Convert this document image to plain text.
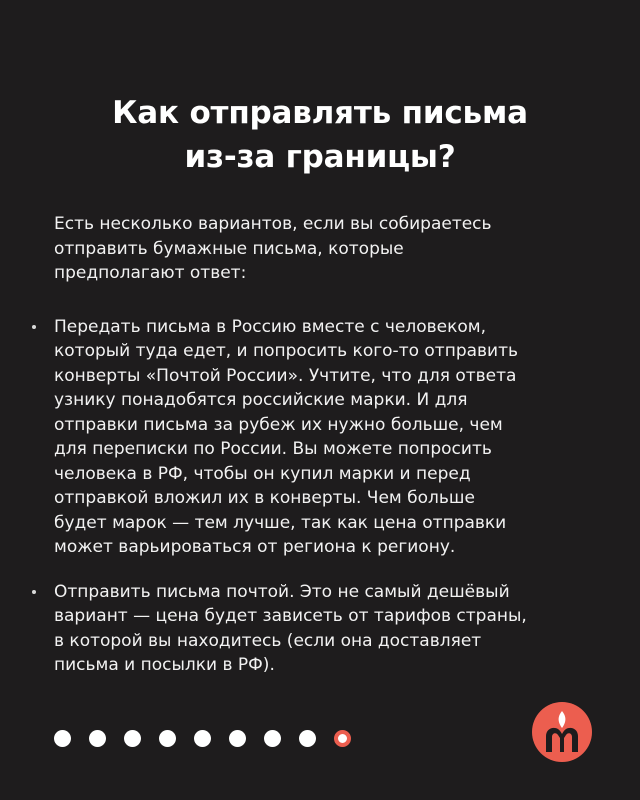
Как отправлять письма
из-за границы?

Есть несколько вариантов, если вы собираетесь
отправить бумажные письма, которые
предполагают ответ:

Передать письма в Россию вместе с человеком,
который туда едет, и попросить кого-то отправить
конверты «Почтой России». Учтите, что для ответа
узнику понадобятся российские марки. И для
отправки письма за рубеж их нужно больше, чем
для переписки по России. Вы можете попросить
человека в РФ, чтобы он купил марки и перед
отправкой вложил их в конверты. Чем больше
будет марок — тем лучше, так как цена отправки
может варьироваться от региона к региону.
Отправить письма почтой. Это не самый дешёвый
вариант — цена будет зависеть от тарифов страны,
в которой вы находитесь (если она доставляет
письма и посылки в РФ).
